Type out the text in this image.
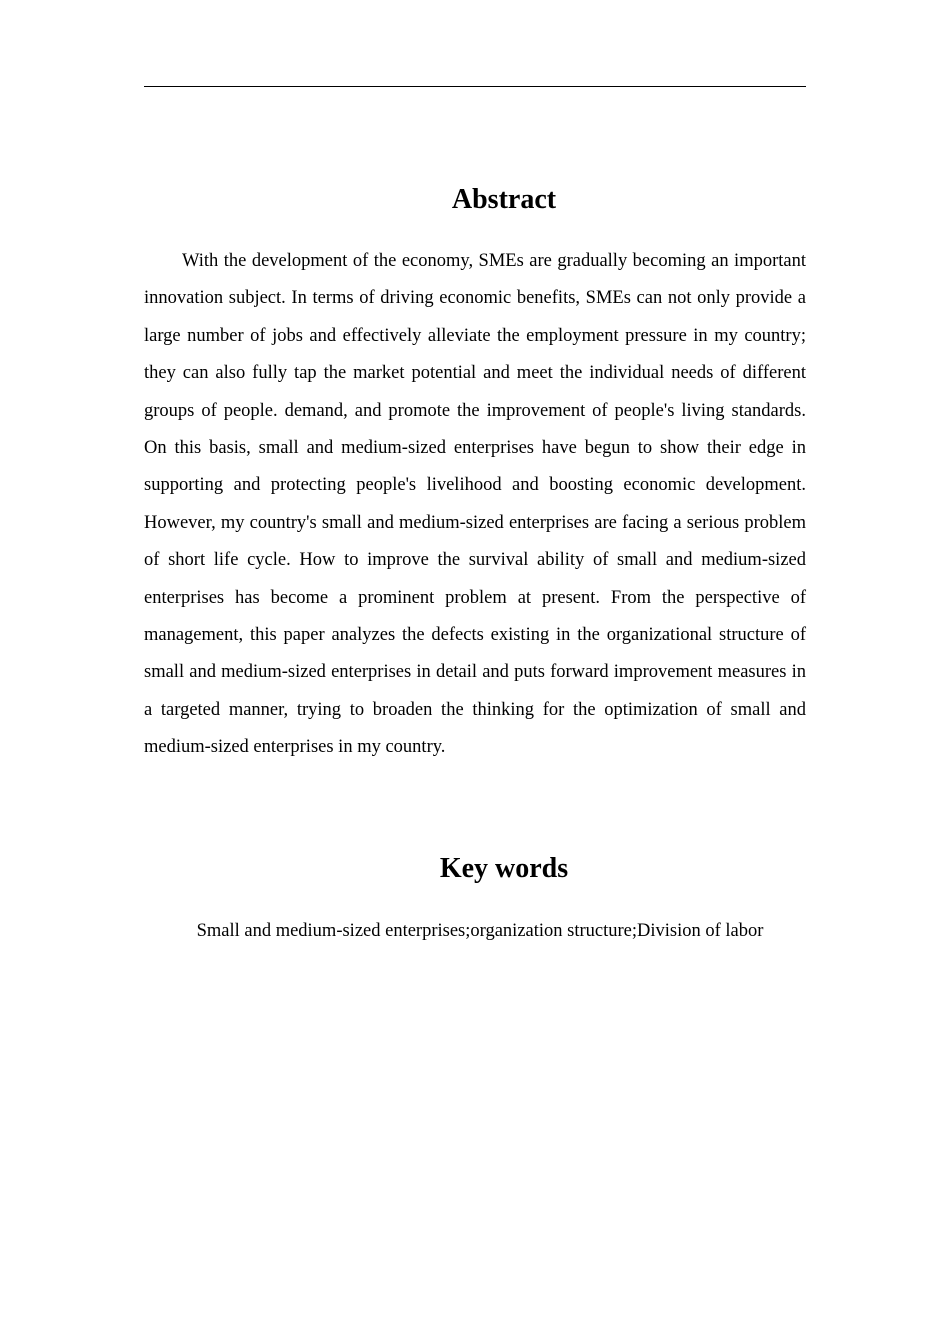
Abstract

With the development of the economy, SMEs are gradually becoming an important innovation subject. In terms of driving economic benefits, SMEs can not only provide a large number of jobs and effectively alleviate the employment pressure in my country; they can also fully tap the market potential and meet the individual needs of different groups of people. demand, and promote the improvement of people's living standards. On this basis, small and medium-sized enterprises have begun to show their edge in supporting and protecting people's livelihood and boosting economic development. However, my country's small and medium-sized enterprises are facing a serious problem of short life cycle. How to improve the survival ability of small and medium-sized enterprises has become a prominent problem at present. From the perspective of management, this paper analyzes the defects existing in the organizational structure of small and medium-sized enterprises in detail and puts forward improvement measures in a targeted manner, trying to broaden the thinking for the optimization of small and medium-sized enterprises in my country.

Key words

Small and medium-sized enterprises;organization structure;Division of labor
